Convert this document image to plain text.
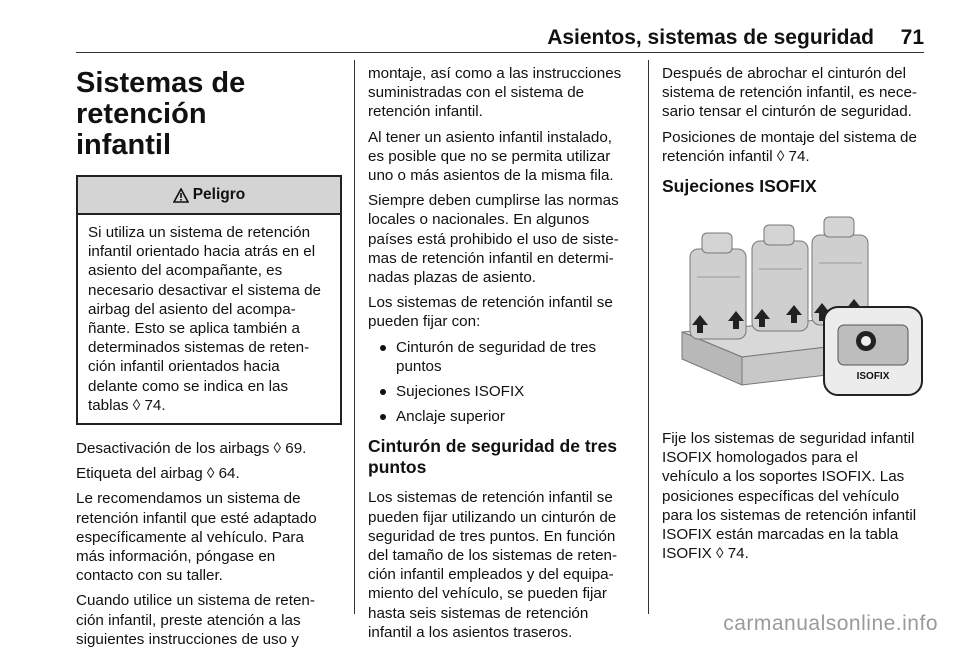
Asientos, sistemas de seguridad 71
Sistemas de retención
infantil
Peligro

Si utiliza un sistema de retención
infantil orientado hacia atrás en el
asiento del acompañante, es
necesario desactivar el sistema de
airbag del asiento del acompa-
ñante. Esto se aplica también a
determinados sistemas de reten-
ción infantil orientados hacia
delante como se indica en las
tablas ◊ 74.

Desactivación de los airbags ◊ 69.

Etiqueta del airbag ◊ 64.

Le recomendamos un sistema de
retención infantil que esté adaptado
específicamente al vehículo. Para
más información, póngase en
contacto con su taller.

Cuando utilice un sistema de reten-
ción infantil, preste atención a las
siguientes instrucciones de uso y

montaje, así como a las instrucciones
suministradas con el sistema de
retención infantil.

Al tener un asiento infantil instalado,
es posible que no se permita utilizar
uno o más asientos de la misma fila.

Siempre deben cumplirse las normas
locales o nacionales. En algunos
países está prohibido el uso de siste-
mas de retención infantil en determi-
nadas plazas de asiento.

Los sistemas de retención infantil se
pueden fijar con:

Cinturón de seguridad de tres
puntos
Sujeciones ISOFIX
Anclaje superior
Cinturón de seguridad de tres
puntos

Los sistemas de retención infantil se
pueden fijar utilizando un cinturón de
seguridad de tres puntos. En función
del tamaño de los sistemas de reten-
ción infantil empleados y del equipa-
miento del vehículo, se pueden fijar
hasta seis sistemas de retención
infantil a los asientos traseros.

Después de abrochar el cinturón del
sistema de retención infantil, es nece-
sario tensar el cinturón de seguridad.

Posiciones de montaje del sistema de
retención infantil ◊ 74.

Sujeciones ISOFIX
ISOFIX

Fije los sistemas de seguridad infantil
ISOFIX homologados para el
vehículo a los soportes ISOFIX. Las
posiciones específicas del vehículo
para los sistemas de retención infantil
ISOFIX están marcadas en la tabla
ISOFIX ◊ 74.

carmanualsonline.info
